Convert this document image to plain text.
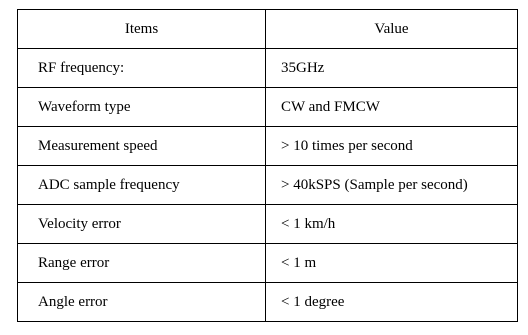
Items	Value
RF frequency:	35GHz
Waveform type	CW and FMCW
Measurement speed	> 10 times per second
ADC sample frequency	> 40kSPS (Sample per second)
Velocity error	< 1 km/h
Range error	< 1 m
Angle error	< 1 degree
